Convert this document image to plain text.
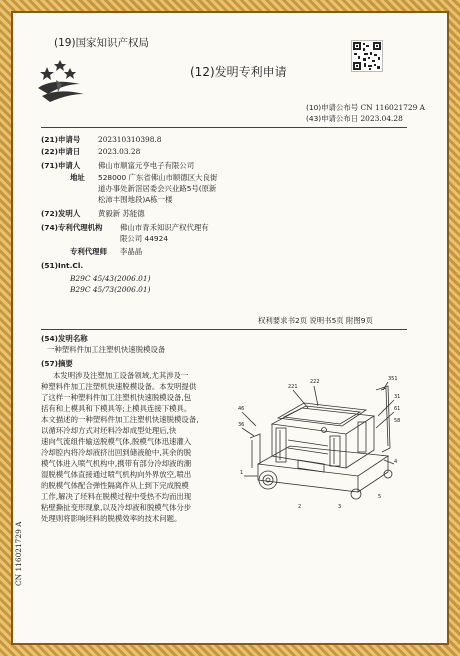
(19)国家知识产权局
(12)发明专利申请
(10)申请公布号 CN 116021729 A
(43)申请公布日 2023.04.28
(21)申请号 202310310398.8
(22)申请日 2023.03.28
(71)申请人 佛山市顺富元亨电子有限公司
地址 528000 广东省佛山市顺德区大良街
道办事处新滘居委会兴业路5号(原新
松沛丰围地段)A栋一楼
(72)发明人 黄毅新 苏能德
(74)专利代理机构 佛山市青禾知识产权代理有
限公司 44924
专利代理师 李晶晶
(51)Int.Cl.
B29C 45/43(2006.01)
B29C 45/73(2006.01)
权利要求书2页 说明书5页 附图9页
(54)发明名称
一种塑料件加工注塑机快速脱模设备
(57)摘要
本发明涉及注塑加工设备领域,尤其涉及一
种塑料件加工注塑机快速脱模设备。本发明提供
了这样一种塑料件加工注塑机快速脱模设备,包
括有和上模具和下模具等;上模具连接下模具。
本文描述的一种塑料件加工注塑机快速脱模设备,
以循环冷却方式对坯料冷却成型处理后,快
速向气流组件输送脱模气体,脱模气体迅速灌入
冷却腔内将冷却液挤出回到储液舱中,其余的脱
模气体进入喷气机构中,携带有部分冷却液的潮
湿脱模气体直接通过喷气机构向外界放空,喷出
的脱模气体配合弹性隔离件从上到下完成脱模
工作,解决了坯料在脱模过程中受热不均而出现
粘壁撕扯变形现象,以及冷却液和脱模气体分步
处理则将影响坯料的脱模效率的技术问题。
351
222
221
46
31
61
58
36
4
1
2	3
5
CN 116021729 A
